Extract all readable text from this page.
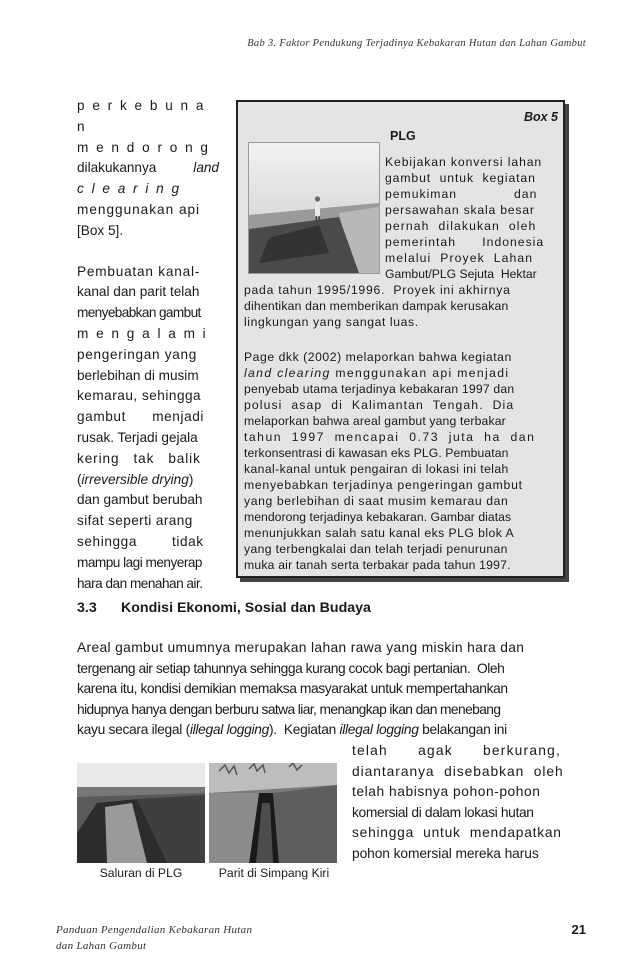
Bab 3. Faktor Pendukung Terjadinya Kebakaran Hutan dan Lahan Gambut
p e r k e b u n a n
m e n d o r o n g
dilakukannya	land
c l e a r i n g
menggunakan api
[Box 5].
Pembuatan kanal-
kanal dan parit telah
menyebabkan gambut
m e n g a l a m i
pengeringan yang
berlebihan di musim
kemarau, sehingga
gambut      menjadi
rusak. Terjadi gejala
kering   tak   balik
(irreversible drying)
dan gambut berubah
sifat seperti arang
sehingga        tidak
mampu lagi menyerap
hara dan menahan air.
Box 5
PLG
Kebijakan konversi lahan
gambut  untuk  kegiatan
pemukiman             dan
persawahan skala besar
pernah  dilakukan  oleh
pemerintah      Indonesia
melalui  Proyek  Lahan
Gambut/PLG Sejuta  Hektar
pada tahun 1995/1996.  Proyek ini akhirnya
dihentikan dan memberikan dampak kerusakan
lingkungan yang sangat luas.
Page dkk (2002) melaporkan bahwa kegiatan
land clearing menggunakan api menjadi
penyebab utama terjadinya kebakaran 1997 dan
polusi  asap  di  Kalimantan  Tengah.  Dia
melaporkan bahwa areal gambut yang terbakar
tahun  1997  mencapai  0.73  juta  ha  dan
terkonsentrasi di kawasan eks PLG. Pembuatan
kanal-kanal untuk pengairan di lokasi ini telah
menyebabkan terjadinya pengeringan gambut
yang berlebihan di saat musim kemarau dan
mendorong terjadinya kebakaran. Gambar diatas
menunjukkan salah satu kanal eks PLG blok A
yang terbengkalai dan telah terjadi penurunan
muka air tanah serta terbakar pada tahun 1997.
3.3 Kondisi Ekonomi, Sosial dan Budaya
Areal gambut umumnya merupakan lahan rawa yang miskin hara dan
tergenang air setiap tahunnya sehingga kurang cocok bagi pertanian.  Oleh
karena itu, kondisi demikian memaksa masyarakat untuk mempertahankan
hidupnya hanya dengan berburu satwa liar, menangkap ikan dan menebang
kayu secara ilegal (illegal logging).  Kegiatan illegal logging belakangan ini
telah      agak      berkurang,
diantaranya  disebabkan  oleh
telah habisnya pohon-pohon
komersial di dalam lokasi hutan
sehingga  untuk  mendapatkan
pohon komersial mereka harus
Saluran di PLG	Parit di Simpang Kiri
Panduan Pengendalian Kebakaran Hutan
dan Lahan Gambut
21
